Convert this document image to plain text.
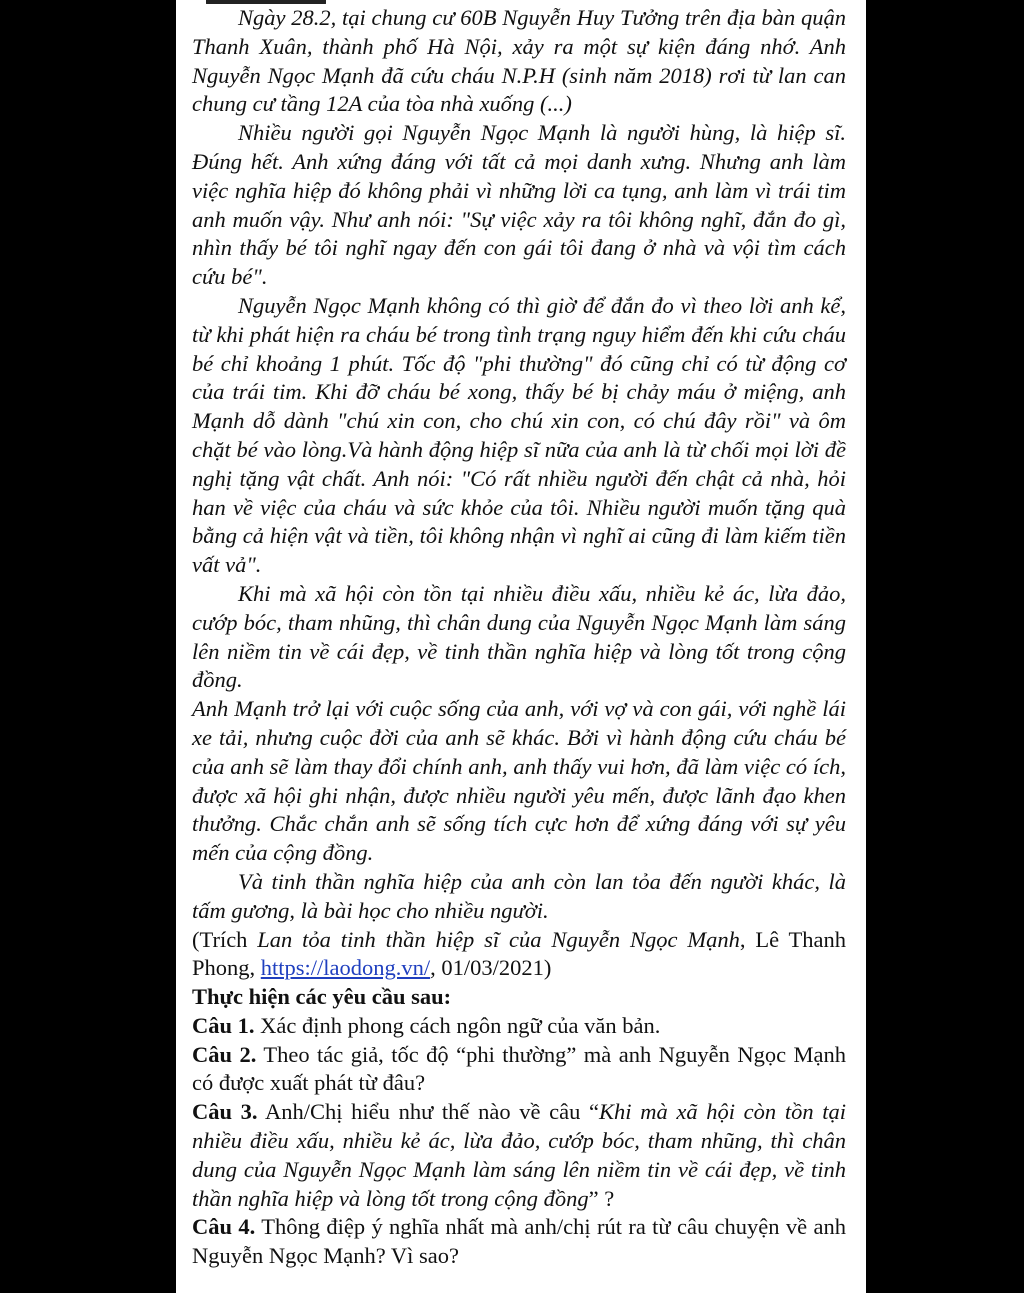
Ngày 28.2, tại chung cư 60B Nguyễn Huy Tưởng trên địa bàn quận Thanh Xuân, thành phố Hà Nội, xảy ra một sự kiện đáng nhớ. Anh Nguyễn Ngọc Mạnh đã cứu cháu N.P.H (sinh năm 2018) rơi từ lan can chung cư tầng 12A của tòa nhà xuống (...)

Nhiều người gọi Nguyễn Ngọc Mạnh là người hùng, là hiệp sĩ. Đúng hết. Anh xứng đáng với tất cả mọi danh xưng. Nhưng anh làm việc nghĩa hiệp đó không phải vì những lời ca tụng, anh làm vì trái tim anh muốn vậy. Như anh nói: "Sự việc xảy ra tôi không nghĩ, đắn đo gì, nhìn thấy bé tôi nghĩ ngay đến con gái tôi đang ở nhà và vội tìm cách cứu bé".

Nguyễn Ngọc Mạnh không có thì giờ để đắn đo vì theo lời anh kể, từ khi phát hiện ra cháu bé trong tình trạng nguy hiểm đến khi cứu cháu bé chỉ khoảng 1 phút. Tốc độ "phi thường" đó cũng chỉ có từ động cơ của trái tim. Khi đỡ cháu bé xong, thấy bé bị chảy máu ở miệng, anh Mạnh dỗ dành "chú xin con, cho chú xin con, có chú đây rồi" và ôm chặt bé vào lòng.Và hành động hiệp sĩ nữa của anh là từ chối mọi lời đề nghị tặng vật chất. Anh nói: "Có rất nhiều người đến chật cả nhà, hỏi han về việc của cháu và sức khỏe của tôi. Nhiều người muốn tặng quà bằng cả hiện vật và tiền, tôi không nhận vì nghĩ ai cũng đi làm kiếm tiền vất vả".

Khi mà xã hội còn tồn tại nhiều điều xấu, nhiều kẻ ác, lừa đảo, cướp bóc, tham nhũng, thì chân dung của Nguyễn Ngọc Mạnh làm sáng lên niềm tin về cái đẹp, về tinh thần nghĩa hiệp và lòng tốt trong cộng đồng.

Anh Mạnh trở lại với cuộc sống của anh, với vợ và con gái, với nghề lái xe tải, nhưng cuộc đời của anh sẽ khác. Bởi vì hành động cứu cháu bé của anh sẽ làm thay đổi chính anh, anh thấy vui hơn, đã làm việc có ích, được xã hội ghi nhận, được nhiều người yêu mến, được lãnh đạo khen thưởng. Chắc chắn anh sẽ sống tích cực hơn để xứng đáng với sự yêu mến của cộng đồng.

Và tinh thần nghĩa hiệp của anh còn lan tỏa đến người khác, là tấm gương, là bài học cho nhiều người.

(Trích Lan tỏa tinh thần hiệp sĩ của Nguyễn Ngọc Mạnh, Lê Thanh Phong, https://laodong.vn/, 01/03/2021)

Thực hiện các yêu cầu sau:

Câu 1. Xác định phong cách ngôn ngữ của văn bản.

Câu 2. Theo tác giả, tốc độ “phi thường” mà anh Nguyễn Ngọc Mạnh có được xuất phát từ đâu?

Câu 3. Anh/Chị hiểu như thế nào về câu “Khi mà xã hội còn tồn tại nhiều điều xấu, nhiều kẻ ác, lừa đảo, cướp bóc, tham nhũng, thì chân dung của Nguyễn Ngọc Mạnh làm sáng lên niềm tin về cái đẹp, về tinh thần nghĩa hiệp và lòng tốt trong cộng đồng” ?

Câu 4. Thông điệp ý nghĩa nhất mà anh/chị rút ra từ câu chuyện về anh Nguyễn Ngọc Mạnh? Vì sao?
